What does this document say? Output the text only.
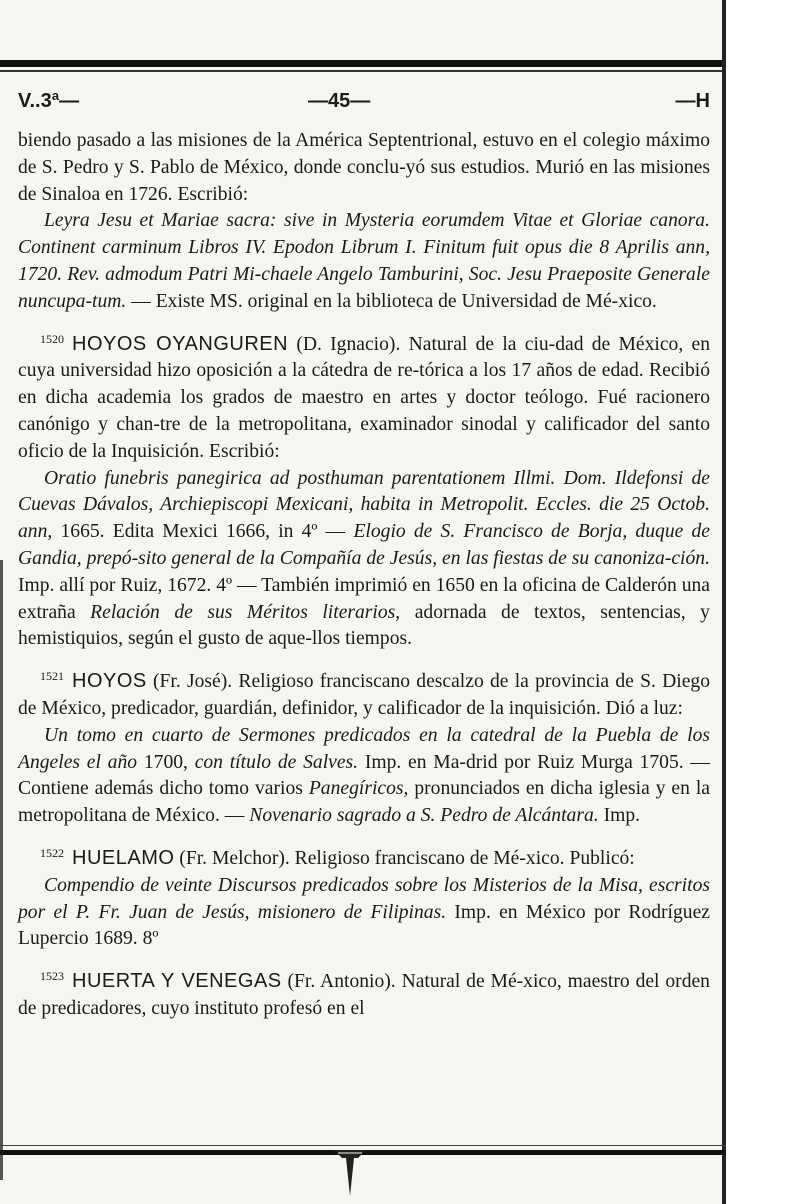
V..3ª—	—45—	—H

biendo pasado a las misiones de la América Septentrional, estuvo en el colegio máximo de S. Pedro y S. Pablo de México, donde conclu-yó sus estudios. Murió en las misiones de Sinaloa en 1726. Escribió:

Leyra Jesu et Mariae sacra: sive in Mysteria eorumdem Vitae et Gloriae canora. Continent carminum Libros IV. Epodon Librum I. Finitum fuit opus die 8 Aprilis ann, 1720. Rev. admodum Patri Mi-chaele Angelo Tamburini, Soc. Jesu Praeposite Generale nuncupa-tum. — Existe MS. original en la biblioteca de Universidad de Mé-xico.

$^{1520}$ HOYOS OYANGUREN (D. Ignacio). Natural de la ciu-dad de México, en cuya universidad hizo oposición a la cátedra de re-tórica a los 17 años de edad. Recibió en dicha academia los grados de maestro en artes y doctor teólogo. Fué racionero canónigo y chan-tre de la metropolitana, examinador sinodal y calificador del santo oficio de la Inquisición. Escribió:

Oratio funebris panegirica ad posthuman parentationem Illmi. Dom. Ildefonsi de Cuevas Dávalos, Archiepiscopi Mexicani, habita in Metropolit. Eccles. die 25 Octob. ann, 1665. Edita Mexici 1666, in 4º — Elogio de S. Francisco de Borja, duque de Gandia, prepó-sito general de la Compañía de Jesús, en las fiestas de su canoniza-ción. Imp. allí por Ruiz, 1672. 4º — También imprimió en 1650 en la oficina de Calderón una extraña Relación de sus Méritos literarios, adornada de textos, sentencias, y hemistiquios, según el gusto de aque-llos tiempos.

$^{1521}$ HOYOS (Fr. José). Religioso franciscano descalzo de la provincia de S. Diego de México, predicador, guardián, definidor, y calificador de la inquisición. Dió a luz:

Un tomo en cuarto de Sermones predicados en la catedral de la Puebla de los Angeles el año 1700, con título de Salves. Imp. en Ma-drid por Ruiz Murga 1705. — Contiene además dicho tomo varios Panegíricos, pronunciados en dicha iglesia y en la metropolitana de México. — Novenario sagrado a S. Pedro de Alcántara. Imp.

$^{1522}$ HUELAMO (Fr. Melchor). Religioso franciscano de Mé-xico. Publicó:

Compendio de veinte Discursos predicados sobre los Misterios de la Misa, escritos por el P. Fr. Juan de Jesús, misionero de Filipinas. Imp. en México por Rodríguez Lupercio 1689. 8º

$^{1523}$ HUERTA Y VENEGAS (Fr. Antonio). Natural de Mé-xico, maestro del orden de predicadores, cuyo instituto profesó en el
